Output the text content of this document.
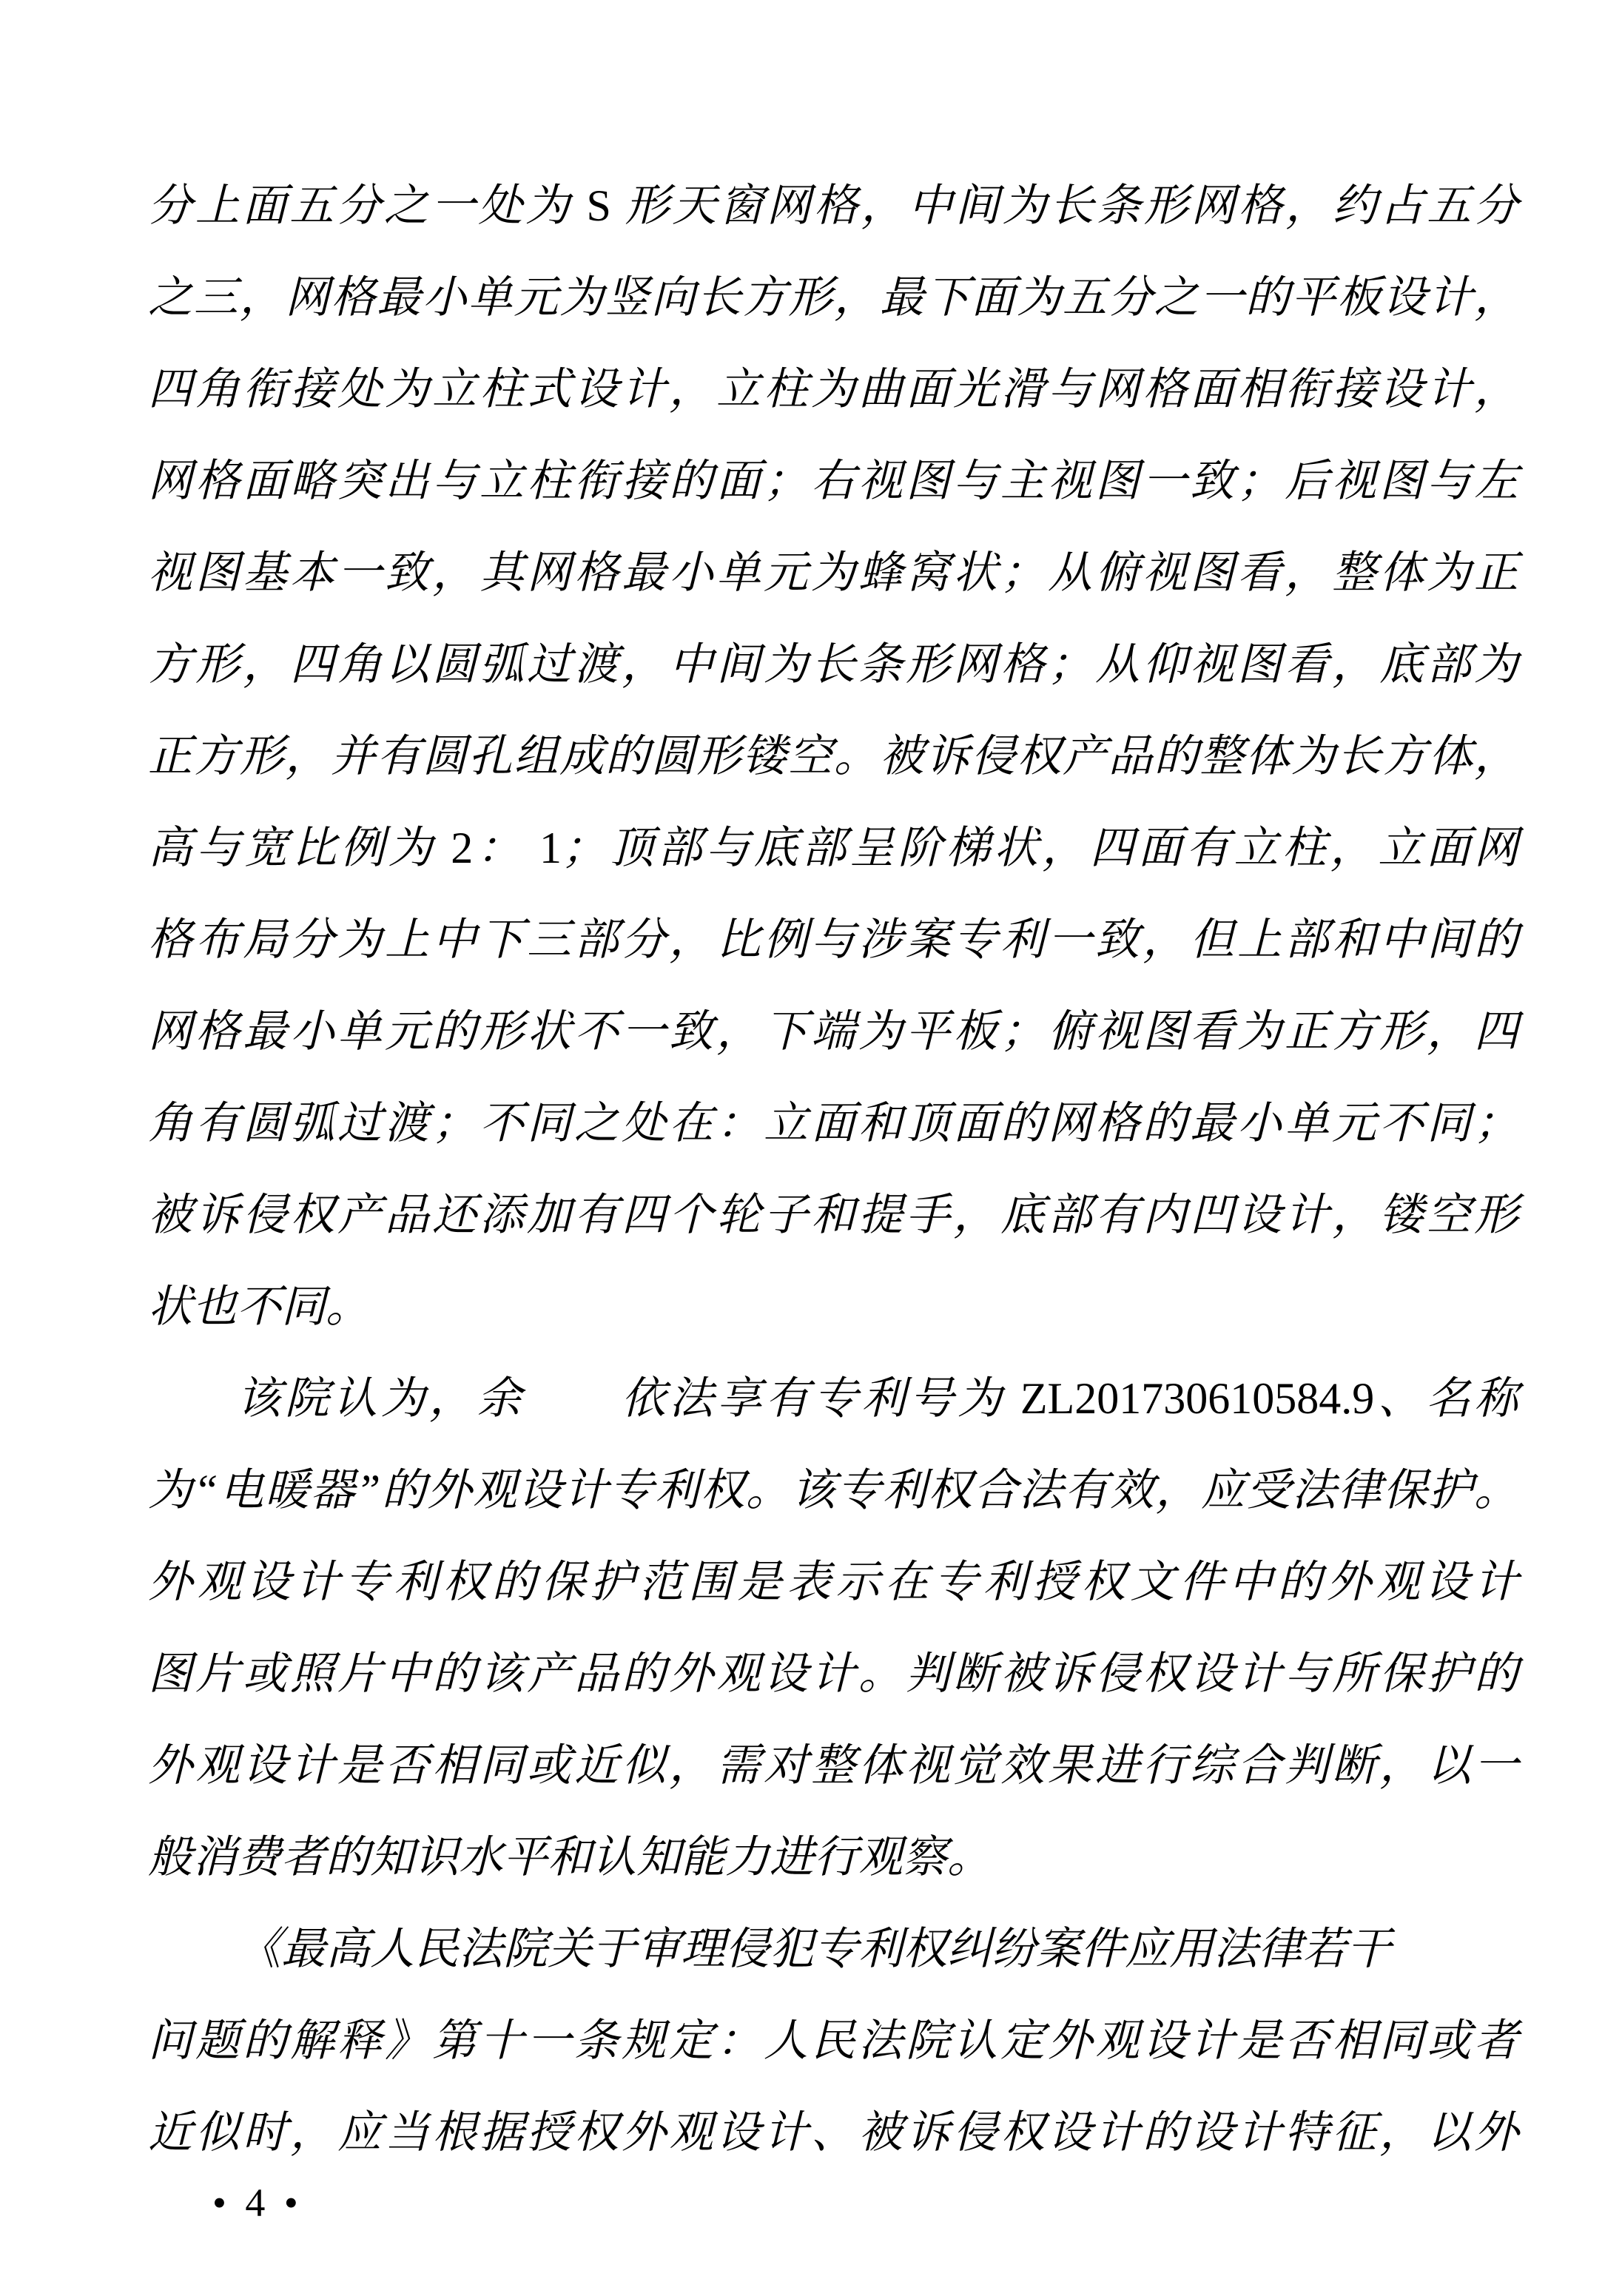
分上面五分之一处为 S 形天窗网格，中间为长条形网格，约占五分
之三，网格最小单元为竖向长方形，最下面为五分之一的平板设计，
四角衔接处为立柱式设计，立柱为曲面光滑与网格面相衔接设计，
网格面略突出与立柱衔接的面；右视图与主视图一致；后视图与左
视图基本一致，其网格最小单元为蜂窝状；从俯视图看，整体为正
方形，四角以圆弧过渡，中间为长条形网格；从仰视图看，底部为
正方形，并有圆孔组成的圆形镂空。被诉侵权产品的整体为长方体，
高与宽比例为 2： 1；顶部与底部呈阶梯状，四面有立柱，立面网
格布局分为上中下三部分，比例与涉案专利一致，但上部和中间的
网格最小单元的形状不一致，下端为平板；俯视图看为正方形，四
角有圆弧过渡；不同之处在：立面和顶面的网格的最小单元不同；
被诉侵权产品还添加有四个轮子和提手，底部有内凹设计，镂空形
状也不同。
该院认为，余　　依法享有专利号为 ZL201730610584.9、名称
为“电暖器”的外观设计专利权。该专利权合法有效，应受法律保护。
外观设计专利权的保护范围是表示在专利授权文件中的外观设计
图片或照片中的该产品的外观设计。判断被诉侵权设计与所保护的
外观设计是否相同或近似，需对整体视觉效果进行综合判断，以一
般消费者的知识水平和认知能力进行观察。
《最高人民法院关于审理侵犯专利权纠纷案件应用法律若干
问题的解释》第十一条规定：人民法院认定外观设计是否相同或者
近似时，应当根据授权外观设计、被诉侵权设计的设计特征，以外
• 4 •
